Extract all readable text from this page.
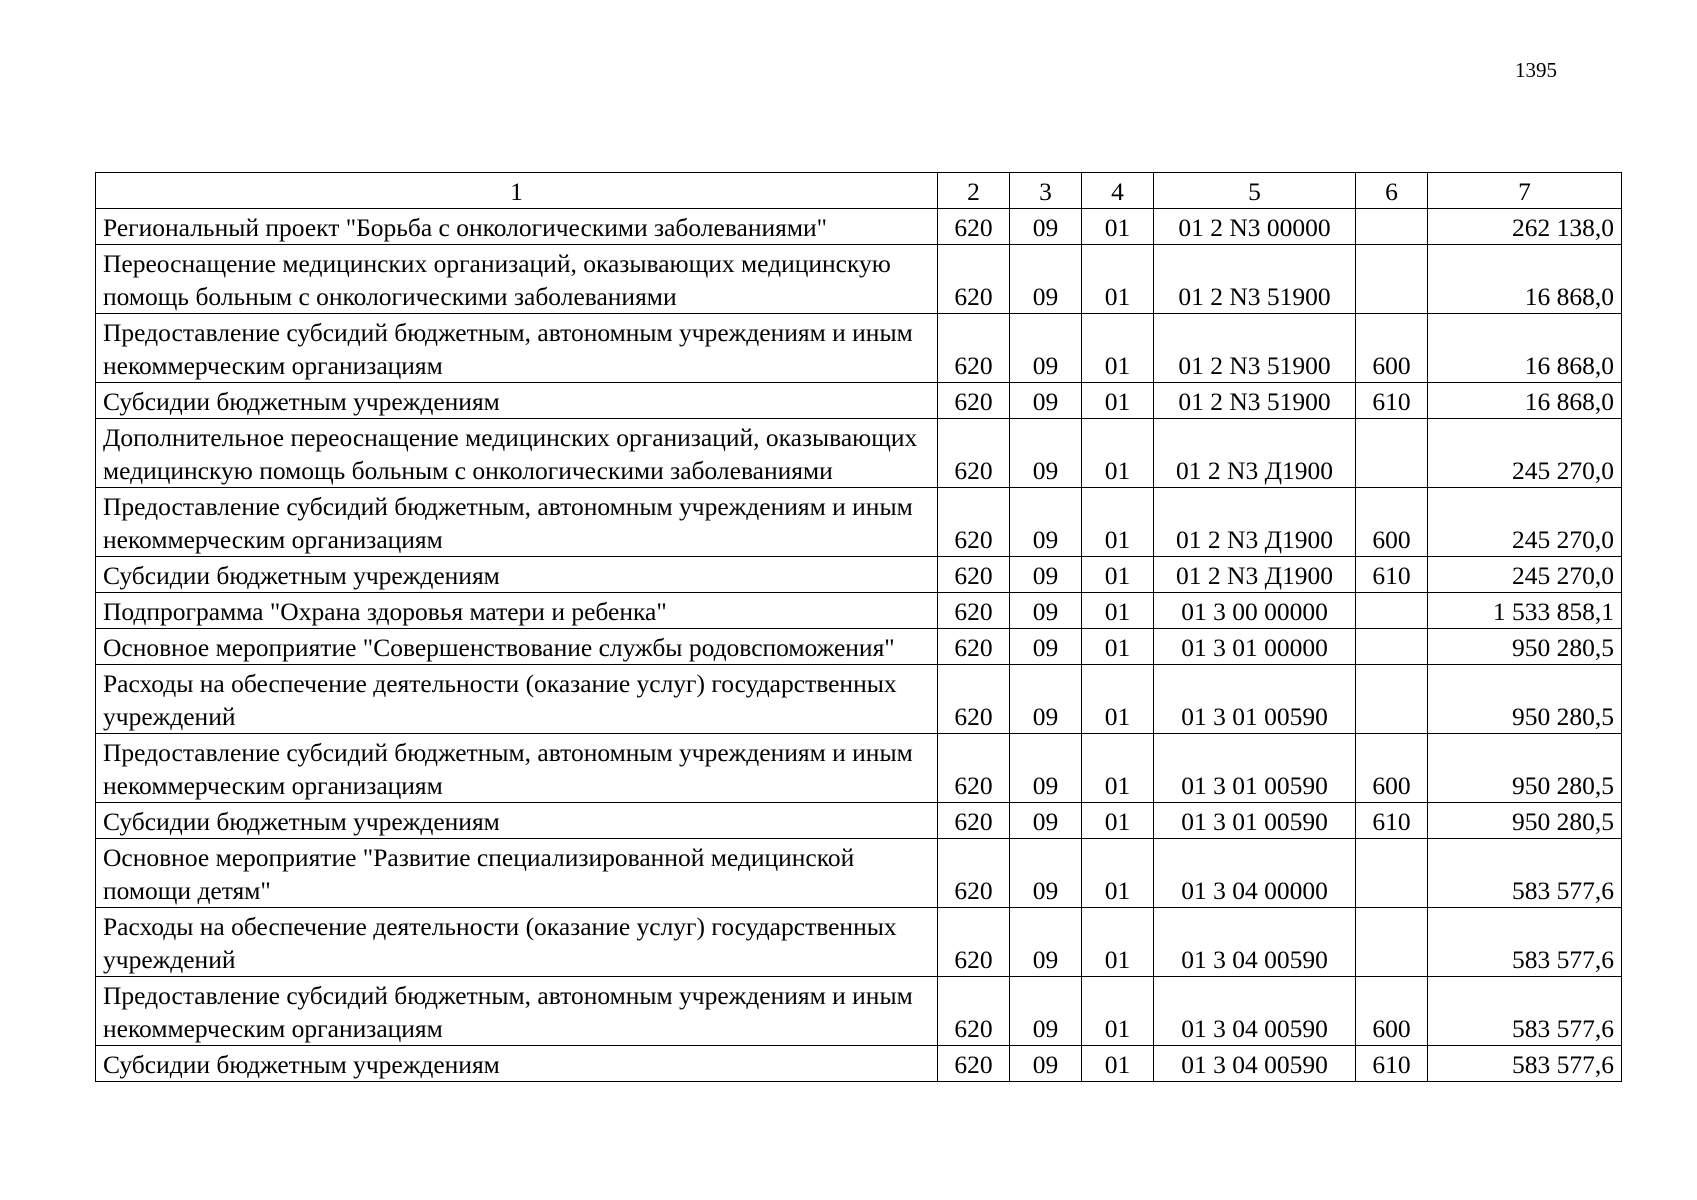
1395
1	2	3	4	5	6	7
Региональный проект "Борьба с онкологическими заболеваниями"	620	09	01	01 2 N3 00000		262 138,0
Переоснащение медицинских организаций, оказывающих медицинскую помощь больным с онкологическими заболеваниями	620	09	01	01 2 N3 51900		16 868,0
Предоставление субсидий бюджетным, автономным учреждениям и иным некоммерческим организациям	620	09	01	01 2 N3 51900	600	16 868,0
Субсидии бюджетным учреждениям	620	09	01	01 2 N3 51900	610	16 868,0
Дополнительное переоснащение медицинских организаций, оказывающих медицинскую помощь больным с онкологическими заболеваниями	620	09	01	01 2 N3 Д1900		245 270,0
Предоставление субсидий бюджетным, автономным учреждениям и иным некоммерческим организациям	620	09	01	01 2 N3 Д1900	600	245 270,0
Субсидии бюджетным учреждениям	620	09	01	01 2 N3 Д1900	610	245 270,0
Подпрограмма "Охрана здоровья матери и ребенка"	620	09	01	01 3 00 00000		1 533 858,1
Основное мероприятие "Совершенствование службы родовспоможения"	620	09	01	01 3 01 00000		950 280,5
Расходы на обеспечение деятельности (оказание услуг) государственных учреждений	620	09	01	01 3 01 00590		950 280,5
Предоставление субсидий бюджетным, автономным учреждениям и иным некоммерческим организациям	620	09	01	01 3 01 00590	600	950 280,5
Субсидии бюджетным учреждениям	620	09	01	01 3 01 00590	610	950 280,5
Основное мероприятие "Развитие специализированной медицинской помощи детям"	620	09	01	01 3 04 00000		583 577,6
Расходы на обеспечение деятельности (оказание услуг) государственных учреждений	620	09	01	01 3 04 00590		583 577,6
Предоставление субсидий бюджетным, автономным учреждениям и иным некоммерческим организациям	620	09	01	01 3 04 00590	600	583 577,6
Субсидии бюджетным учреждениям	620	09	01	01 3 04 00590	610	583 577,6
